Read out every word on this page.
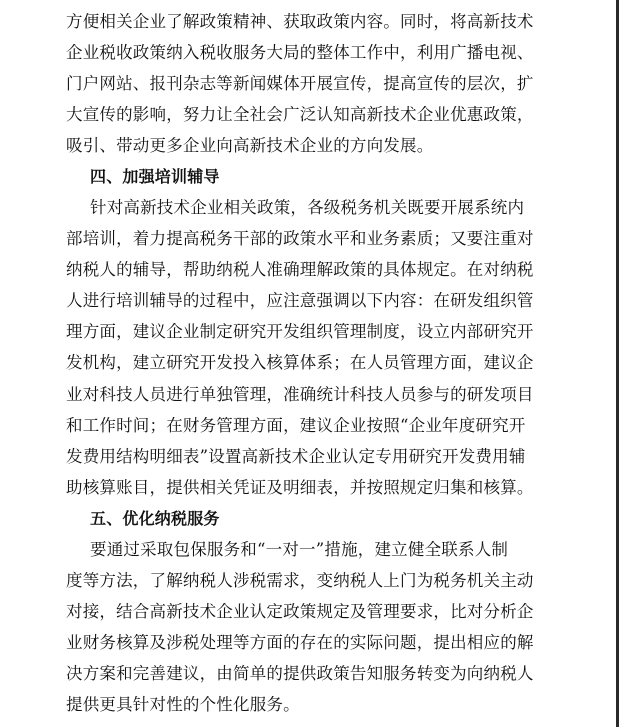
方便相关企业了解政策精神、获取政策内容。同时，将高新技术
企业税收政策纳入税收服务大局的整体工作中，利用广播电视、
门户网站、报刊杂志等新闻媒体开展宣传，提高宣传的层次，扩
大宣传的影响，努力让全社会广泛认知高新技术企业优惠政策，
吸引、带动更多企业向高新技术企业的方向发展。
四、加强培训辅导
针对高新技术企业相关政策，各级税务机关既要开展系统内
部培训，着力提高税务干部的政策水平和业务素质；又要注重对
纳税人的辅导，帮助纳税人准确理解政策的具体规定。在对纳税
人进行培训辅导的过程中，应注意强调以下内容：在研发组织管
理方面，建议企业制定研究开发组织管理制度，设立内部研究开
发机构，建立研究开发投入核算体系；在人员管理方面，建议企
业对科技人员进行单独管理，准确统计科技人员参与的研发项目
和工作时间；在财务管理方面，建议企业按照“企业年度研究开
发费用结构明细表”设置高新技术企业认定专用研究开发费用辅
助核算账目，提供相关凭证及明细表，并按照规定归集和核算。
五、优化纳税服务
要通过采取包保服务和“一对一”措施，建立健全联系人制
度等方法，了解纳税人涉税需求，变纳税人上门为税务机关主动
对接，结合高新技术企业认定政策规定及管理要求，比对分析企
业财务核算及涉税处理等方面的存在的实际问题，提出相应的解
决方案和完善建议，由简单的提供政策告知服务转变为向纳税人
提供更具针对性的个性化服务。
